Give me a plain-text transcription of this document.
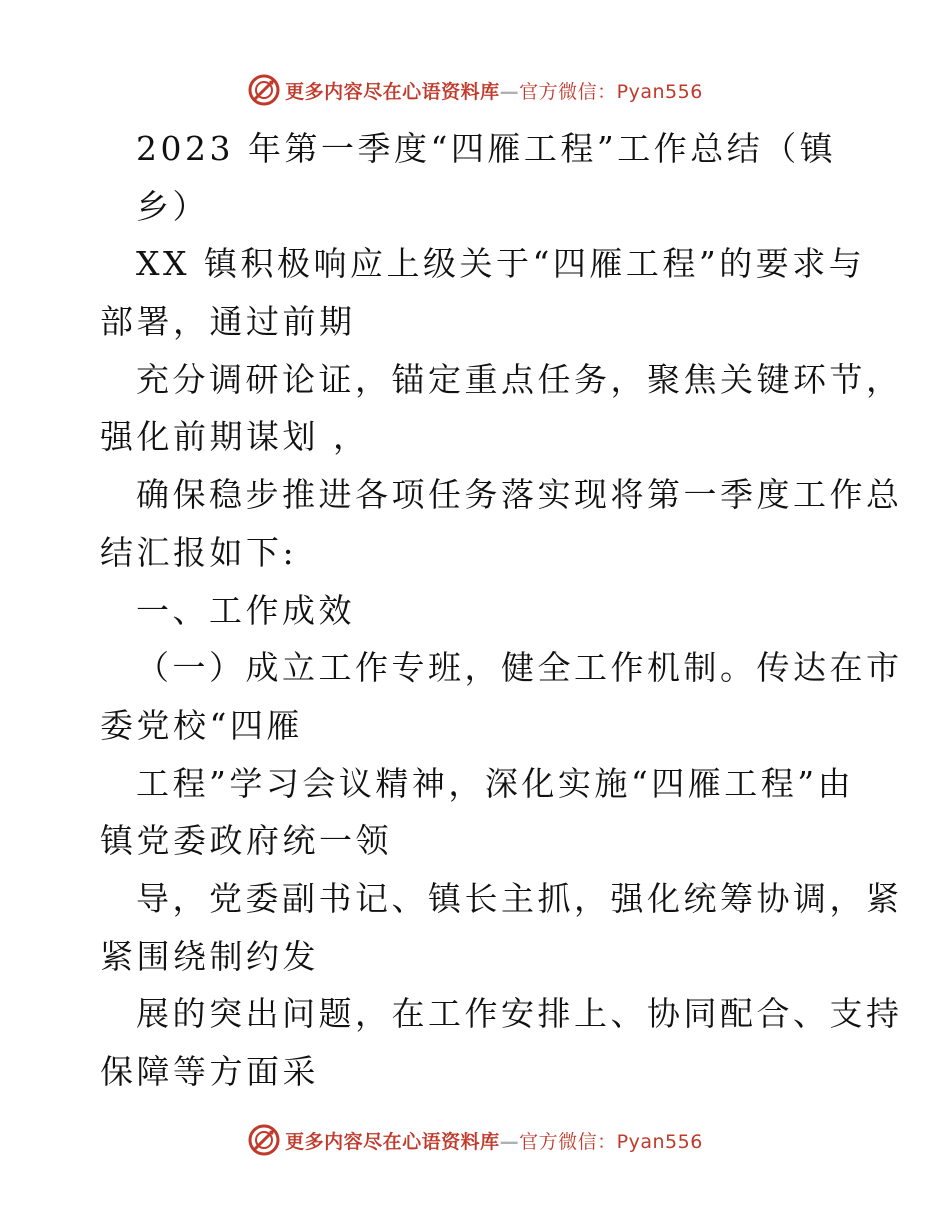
更多内容尽在心语资料库—官方微信：Pyan556
2023 年第一季度“四雁工程”工作总结（镇
乡）
XX 镇积极响应上级关于“四雁工程”的要求与
部署，通过前期
充分调研论证，锚定重点任务，聚焦关键环节，
强化前期谋划 ，
确保稳步推进各项任务落实现将第一季度工作总
结汇报如下:
一、工作成效
（一）成立工作专班，健全工作机制。传达在市
委党校“四雁
工程”学习会议精神，深化实施“四雁工程”由
镇党委政府统一领
导，党委副书记、镇长主抓，强化统筹协调，紧
紧围绕制约发
展的突出问题，在工作安排上、协同配合、支持
保障等方面采
更多内容尽在心语资料库—官方微信：Pyan556
